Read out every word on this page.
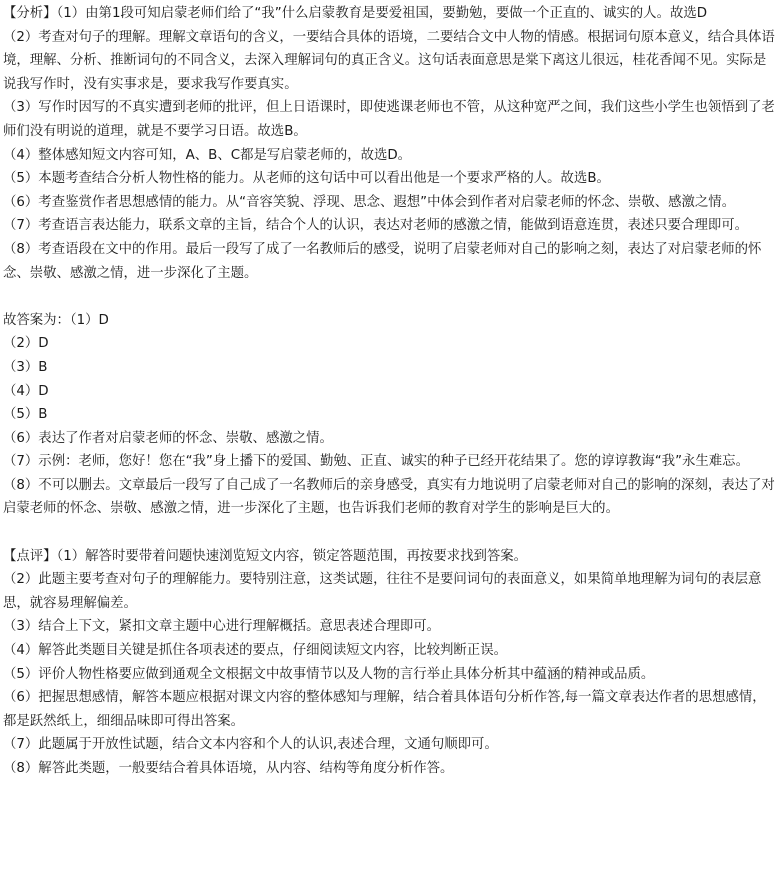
【分析】（1）由第1段可知启蒙老师们给了“我”什么启蒙教育是要爱祖国，要勤勉，要做一个正直的、诚实的人。故选D

（2）考查对句子的理解。理解文章语句的含义，一要结合具体的语境，二要结合文中人物的情感。根据词句原本意义，结合具体语境，理解、分析、推断词句的不同含义，去深入理解词句的真正含义。这句话表面意思是棠下离这儿很远，桂花香闻不见。实际是说我写作时，没有实事求是，要求我写作要真实。

（3）写作时因写的不真实遭到老师的批评，但上日语课时，即使逃课老师也不管，从这种宽严之间，我们这些小学生也领悟到了老师们没有明说的道理，就是不要学习日语。故选B。

（4）整体感知短文内容可知，A、B、C都是写启蒙老师的，故选D。

（5）本题考查结合分析人物性格的能力。从老师的这句话中可以看出他是一个要求严格的人。故选B。

（6）考查鉴赏作者思想感情的能力。从“音容笑貌、浮现、思念、遐想”中体会到作者对启蒙老师的怀念、崇敬、感激之情。

（7）考查语言表达能力，联系文章的主旨，结合个人的认识，表达对老师的感激之情，能做到语意连贯，表述只要合理即可。

（8）考查语段在文中的作用。最后一段写了成了一名教师后的感受，说明了启蒙老师对自己的影响之刻，表达了对启蒙老师的怀念、崇敬、感激之情，进一步深化了主题。

故答案为：（1）D

（2）D

（3）B

（4）D

（5）B

（6）表达了作者对启蒙老师的怀念、崇敬、感激之情。

（7）示例：老师，您好！您在“我”身上播下的爱国、勤勉、正直、诚实的种子已经开花结果了。您的谆谆教诲“我”永生难忘。

（8）不可以删去。文章最后一段写了自己成了一名教师后的亲身感受，真实有力地说明了启蒙老师对自己的影响的深刻，表达了对启蒙老师的怀念、崇敬、感激之情，进一步深化了主题，也告诉我们老师的教育对学生的影响是巨大的。

【点评】（1）解答时要带着问题快速浏览短文内容，锁定答题范围，再按要求找到答案。

（2）此题主要考查对句子的理解能力。要特别注意，这类试题，往往不是要问词句的表面意义，如果简单地理解为词句的表层意思，就容易理解偏差。

（3）结合上下文，紧扣文章主题中心进行理解概括。意思表述合理即可。

（4）解答此类题目关键是抓住各项表述的要点，仔细阅读短文内容，比较判断正误。

（5）评价人物性格要应做到通观全文根据文中故事情节以及人物的言行举止具体分析其中蕴涵的精神或品质。

（6）把握思想感情，解答本题应根据对课文内容的整体感知与理解，结合着具体语句分析作答,每一篇文章表达作者的思想感情，都是跃然纸上，细细品味即可得出答案。

（7）此题属于开放性试题，结合文本内容和个人的认识,表述合理，文通句顺即可。

（8）解答此类题，一般要结合着具体语境，从内容、结构等角度分析作答。
